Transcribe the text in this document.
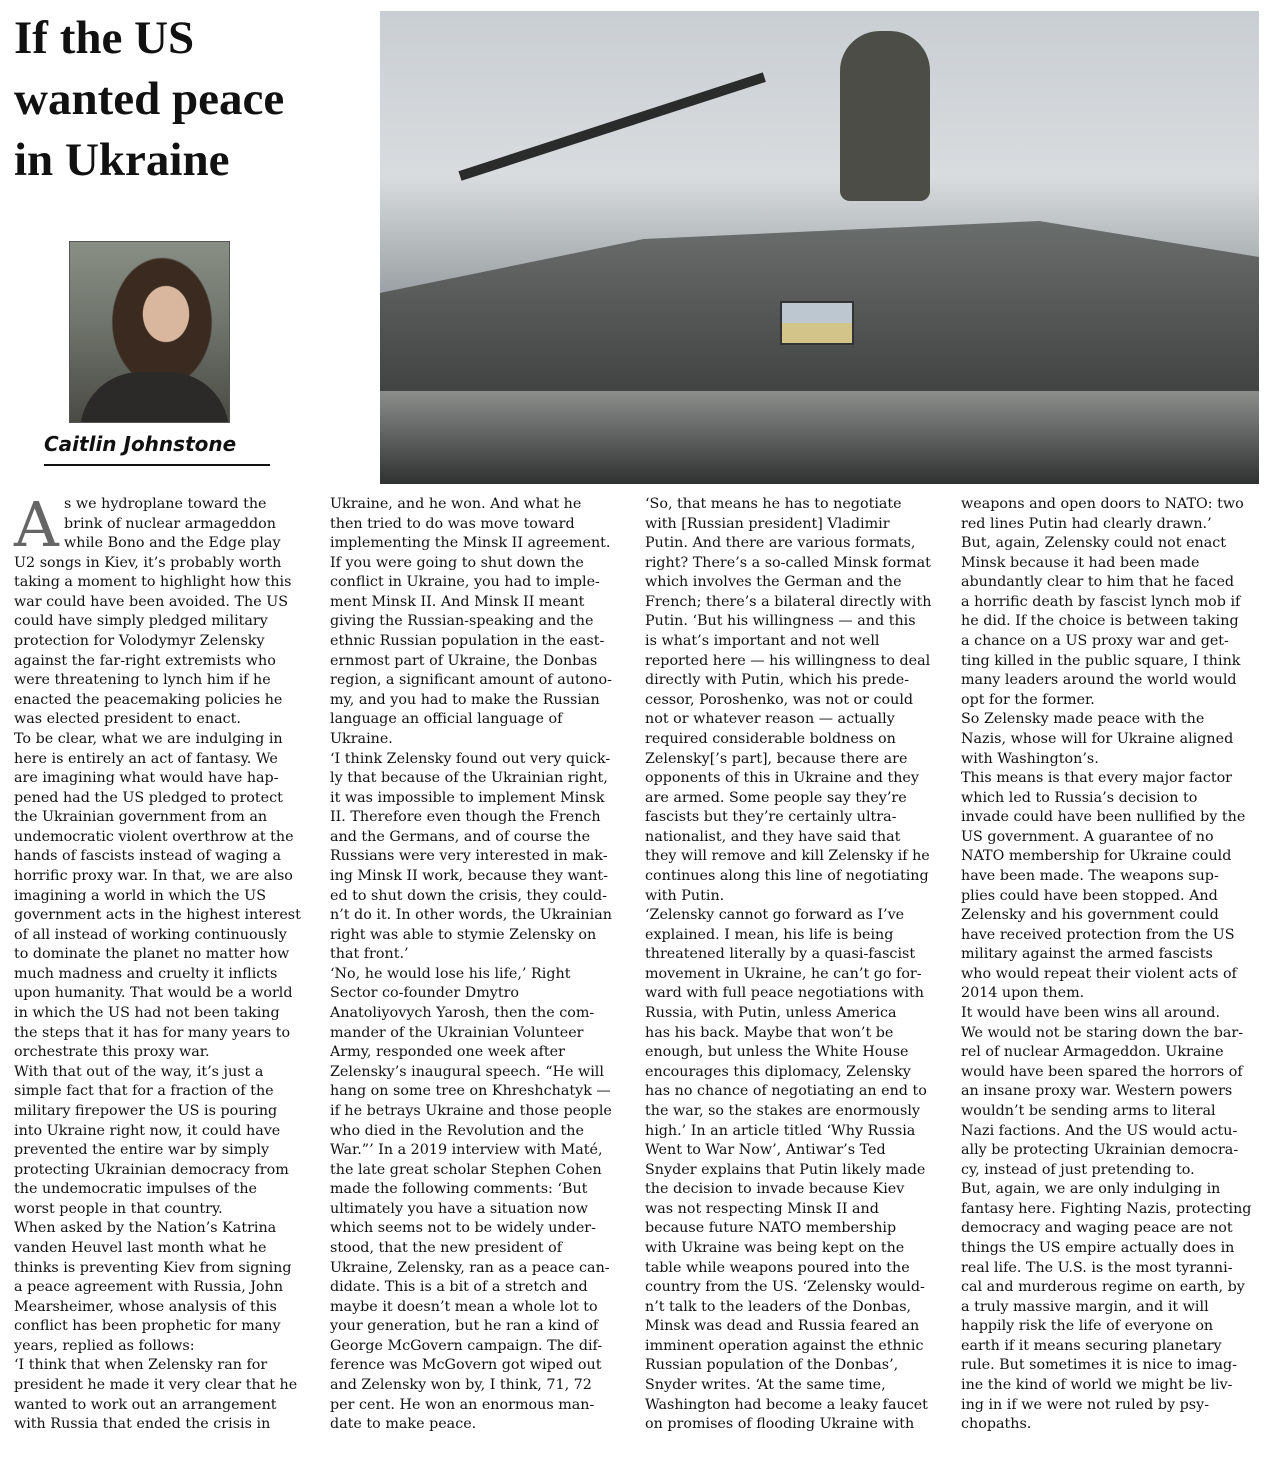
If the US
wanted peace
in Ukraine
Caitlin Johnstone
A s we hydroplane toward the

brink of nuclear armageddon

while Bono and the Edge play

U2 songs in Kiev, it’s probably worth

taking a moment to highlight how this

war could have been avoided. The US

could have simply pledged military

protection for Volodymyr Zelensky

against the far-right extremists who

were threatening to lynch him if he

enacted the peacemaking policies he

was elected president to enact.

To be clear, what we are indulging in

here is entirely an act of fantasy. We

are imagining what would have hap-

pened had the US pledged to protect

the Ukrainian government from an

undemocratic violent overthrow at the

hands of fascists instead of waging a

horrific proxy war. In that, we are also

imagining a world in which the US

government acts in the highest interest

of all instead of working continuously

to dominate the planet no matter how

much madness and cruelty it inflicts

upon humanity. That would be a world

in which the US had not been taking

the steps that it has for many years to

orchestrate this proxy war.

With that out of the way, it’s just a

simple fact that for a fraction of the

military firepower the US is pouring

into Ukraine right now, it could have

prevented the entire war by simply

protecting Ukrainian democracy from

the undemocratic impulses of the

worst people in that country.

When asked by the Nation’s Katrina

vanden Heuvel last month what he

thinks is preventing Kiev from signing

a peace agreement with Russia, John

Mearsheimer, whose analysis of this

conflict has been prophetic for many

years, replied as follows:

‘I think that when Zelensky ran for

president he made it very clear that he

wanted to work out an arrangement

with Russia that ended the crisis in

Ukraine, and he won. And what he

then tried to do was move toward

implementing the Minsk II agreement.

If you were going to shut down the

conflict in Ukraine, you had to imple-

ment Minsk II. And Minsk II meant

giving the Russian-speaking and the

ethnic Russian population in the east-

ernmost part of Ukraine, the Donbas

region, a significant amount of autono-

my, and you had to make the Russian

language an official language of

Ukraine.

‘I think Zelensky found out very quick-

ly that because of the Ukrainian right,

it was impossible to implement Minsk

II. Therefore even though the French

and the Germans, and of course the

Russians were very interested in mak-

ing Minsk II work, because they want-

ed to shut down the crisis, they could-

n’t do it. In other words, the Ukrainian

right was able to stymie Zelensky on

that front.’

‘No, he would lose his life,’ Right

Sector co-founder Dmytro

Anatoliyovych Yarosh, then the com-

mander of the Ukrainian Volunteer

Army, responded one week after

Zelensky’s inaugural speech. “He will

hang on some tree on Khreshchatyk —

if he betrays Ukraine and those people

who died in the Revolution and the

War.”’ In a 2019 interview with Maté,

the late great scholar Stephen Cohen

made the following comments: ‘But

ultimately you have a situation now

which seems not to be widely under-

stood, that the new president of

Ukraine, Zelensky, ran as a peace can-

didate. This is a bit of a stretch and

maybe it doesn’t mean a whole lot to

your generation, but he ran a kind of

George McGovern campaign. The dif-

ference was McGovern got wiped out

and Zelensky won by, I think, 71, 72

per cent. He won an enormous man-

date to make peace.

‘So, that means he has to negotiate

with [Russian president] Vladimir

Putin. And there are various formats,

right? There’s a so-called Minsk format

which involves the German and the

French; there’s a bilateral directly with

Putin. ‘But his willingness — and this

is what’s important and not well

reported here — his willingness to deal

directly with Putin, which his prede-

cessor, Poroshenko, was not or could

not or whatever reason — actually

required considerable boldness on

Zelensky[’s part], because there are

opponents of this in Ukraine and they

are armed. Some people say they’re

fascists but they’re certainly ultra-

nationalist, and they have said that

they will remove and kill Zelensky if he

continues along this line of negotiating

with Putin.

‘Zelensky cannot go forward as I’ve

explained. I mean, his life is being

threatened literally by a quasi-fascist

movement in Ukraine, he can’t go for-

ward with full peace negotiations with

Russia, with Putin, unless America

has his back. Maybe that won’t be

enough, but unless the White House

encourages this diplomacy, Zelensky

has no chance of negotiating an end to

the war, so the stakes are enormously

high.’ In an article titled ‘Why Russia

Went to War Now’, Antiwar’s Ted

Snyder explains that Putin likely made

the decision to invade because Kiev

was not respecting Minsk II and

because future NATO membership

with Ukraine was being kept on the

table while weapons poured into the

country from the US. ‘Zelensky would-

n’t talk to the leaders of the Donbas,

Minsk was dead and Russia feared an

imminent operation against the ethnic

Russian population of the Donbas’,

Snyder writes. ‘At the same time,

Washington had become a leaky faucet

on promises of flooding Ukraine with

weapons and open doors to NATO: two

red lines Putin had clearly drawn.’

But, again, Zelensky could not enact

Minsk because it had been made

abundantly clear to him that he faced

a horrific death by fascist lynch mob if

he did. If the choice is between taking

a chance on a US proxy war and get-

ting killed in the public square, I think

many leaders around the world would

opt for the former.

So Zelensky made peace with the

Nazis, whose will for Ukraine aligned

with Washington’s.

This means is that every major factor

which led to Russia’s decision to

invade could have been nullified by the

US government. A guarantee of no

NATO membership for Ukraine could

have been made. The weapons sup-

plies could have been stopped. And

Zelensky and his government could

have received protection from the US

military against the armed fascists

who would repeat their violent acts of

2014 upon them.

It would have been wins all around.

We would not be staring down the bar-

rel of nuclear Armageddon. Ukraine

would have been spared the horrors of

an insane proxy war. Western powers

wouldn’t be sending arms to literal

Nazi factions. And the US would actu-

ally be protecting Ukrainian democra-

cy, instead of just pretending to.

But, again, we are only indulging in

fantasy here. Fighting Nazis, protecting

democracy and waging peace are not

things the US empire actually does in

real life. The U.S. is the most tyranni-

cal and murderous regime on earth, by

a truly massive margin, and it will

happily risk the life of everyone on

earth if it means securing planetary

rule. But sometimes it is nice to imag-

ine the kind of world we might be liv-

ing in if we were not ruled by psy-

chopaths.
